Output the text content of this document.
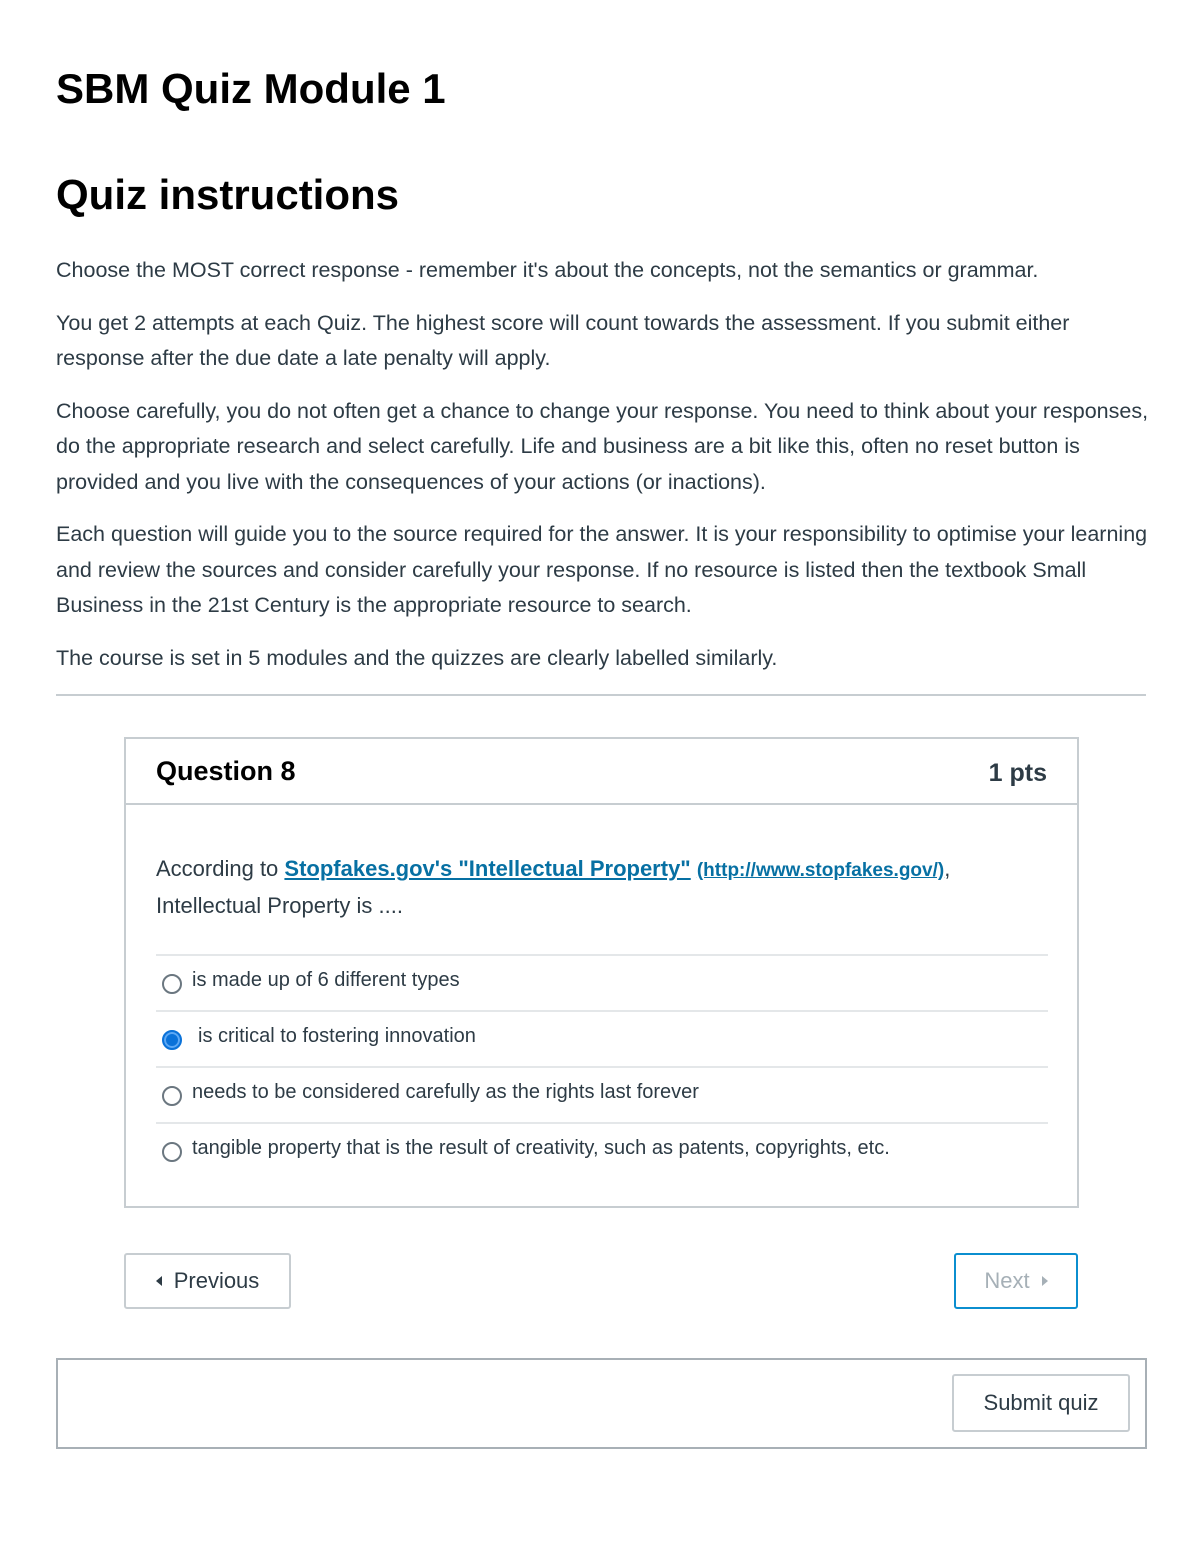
SBM Quiz Module 1
Quiz instructions

Choose the MOST correct response - remember it's about the concepts, not the semantics or grammar.

You get 2 attempts at each Quiz. The highest score will count towards the assessment. If you submit either response after the due date a late penalty will apply.

Choose carefully, you do not often get a chance to change your response. You need to think about your responses, do the appropriate research and select carefully. Life and business are a bit like this, often no reset button is provided and you live with the consequences of your actions (or inactions).

Each question will guide you to the source required for the answer. It is your responsibility to optimise your learning and review the sources and consider carefully your response. If no resource is listed then the textbook Small Business in the 21st Century is the appropriate resource to search.

The course is set in 5 modules and the quizzes are clearly labelled similarly.

Question 8	1 pts
According to Stopfakes.gov's "Intellectual Property" (http://www.stopfakes.gov/),
Intellectual Property is ....
is made up of 6 different types
is critical to fostering innovation
needs to be considered carefully as the rights last forever
tangible property that is the result of creativity, such as patents, copyrights, etc.
Previous	Next
Submit quiz
